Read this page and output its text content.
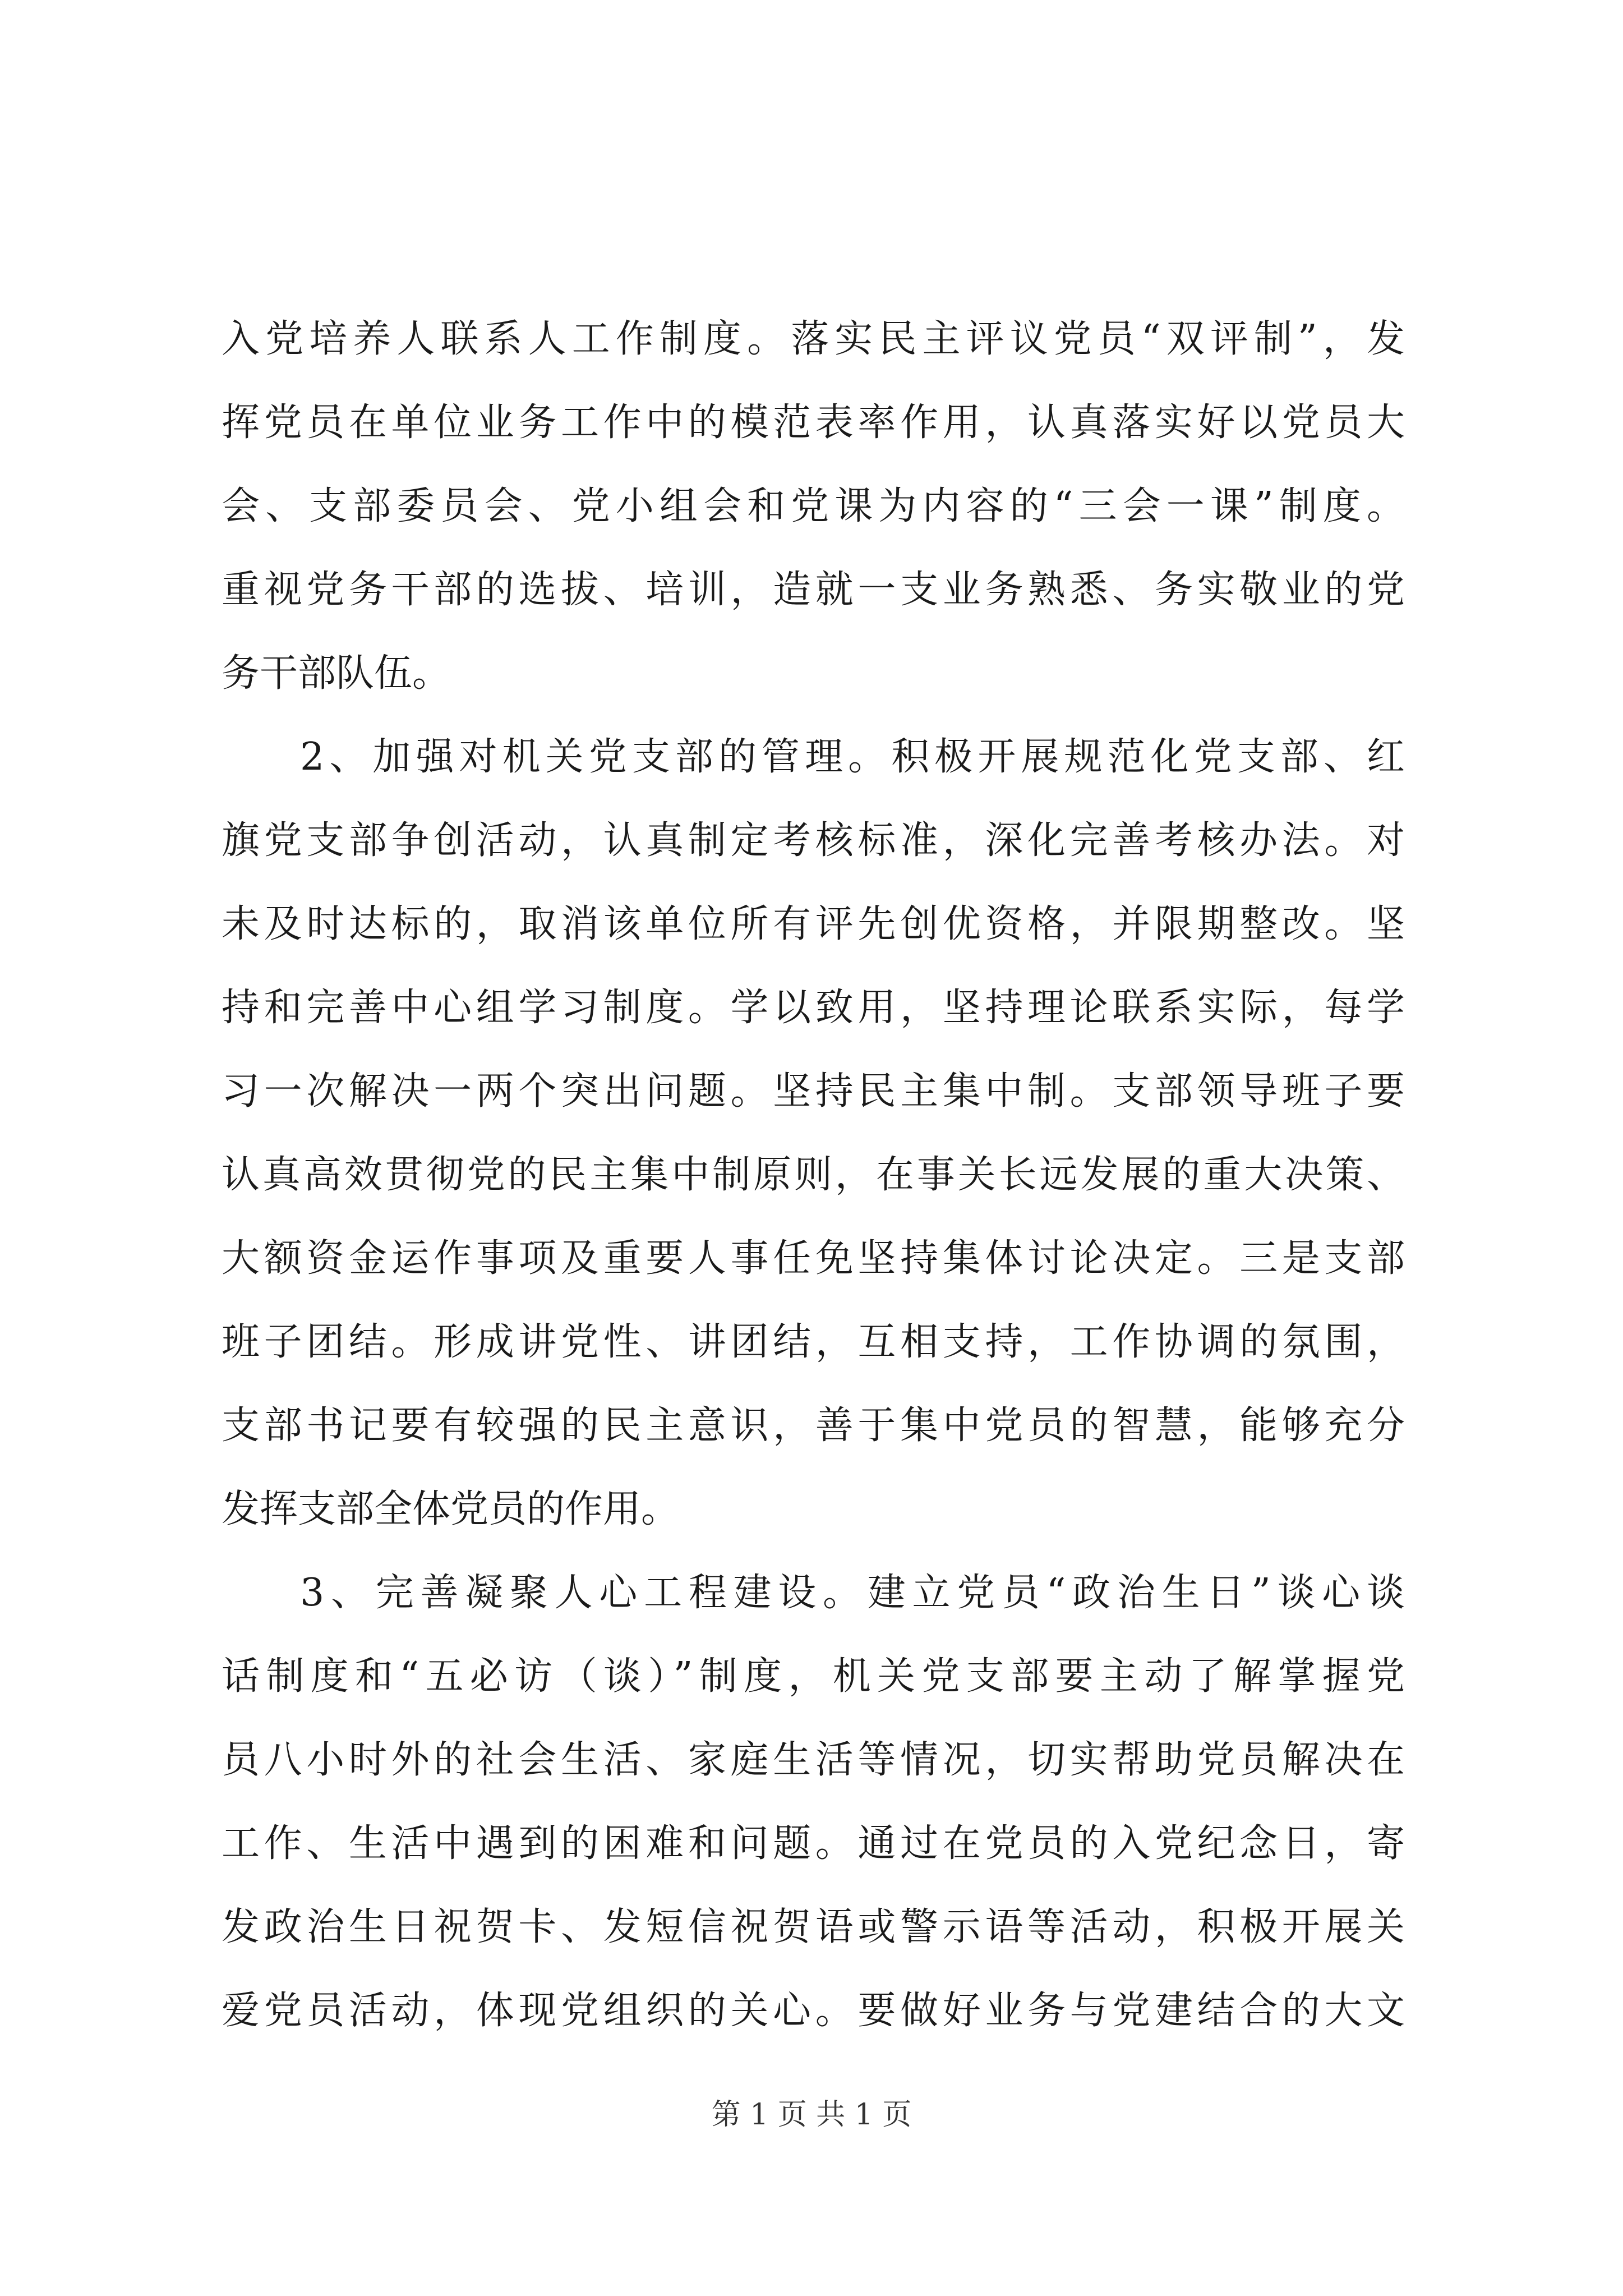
入党培养人联系人工作制度。落实民主评议党员“双评制”，发
挥党员在单位业务工作中的模范表率作用，认真落实好以党员大
会、支部委员会、党小组会和党课为内容的“三会一课”制度。
重视党务干部的选拔、培训，造就一支业务熟悉、务实敬业的党
务干部队伍。
2、加强对机关党支部的管理。积极开展规范化党支部、红
旗党支部争创活动，认真制定考核标准，深化完善考核办法。对
未及时达标的，取消该单位所有评先创优资格，并限期整改。坚
持和完善中心组学习制度。学以致用，坚持理论联系实际，每学
习一次解决一两个突出问题。坚持民主集中制。支部领导班子要
认真高效贯彻党的民主集中制原则，在事关长远发展的重大决策、
大额资金运作事项及重要人事任免坚持集体讨论决定。三是支部
班子团结。形成讲党性、讲团结，互相支持，工作协调的氛围，
支部书记要有较强的民主意识，善于集中党员的智慧，能够充分
发挥支部全体党员的作用。
3、完善凝聚人心工程建设。建立党员“政治生日”谈心谈
话制度和“五必访（谈）”制度，机关党支部要主动了解掌握党
员八小时外的社会生活、家庭生活等情况，切实帮助党员解决在
工作、生活中遇到的困难和问题。通过在党员的入党纪念日，寄
发政治生日祝贺卡、发短信祝贺语或警示语等活动，积极开展关
爱党员活动，体现党组织的关心。要做好业务与党建结合的大文
第 1 页 共 1 页
